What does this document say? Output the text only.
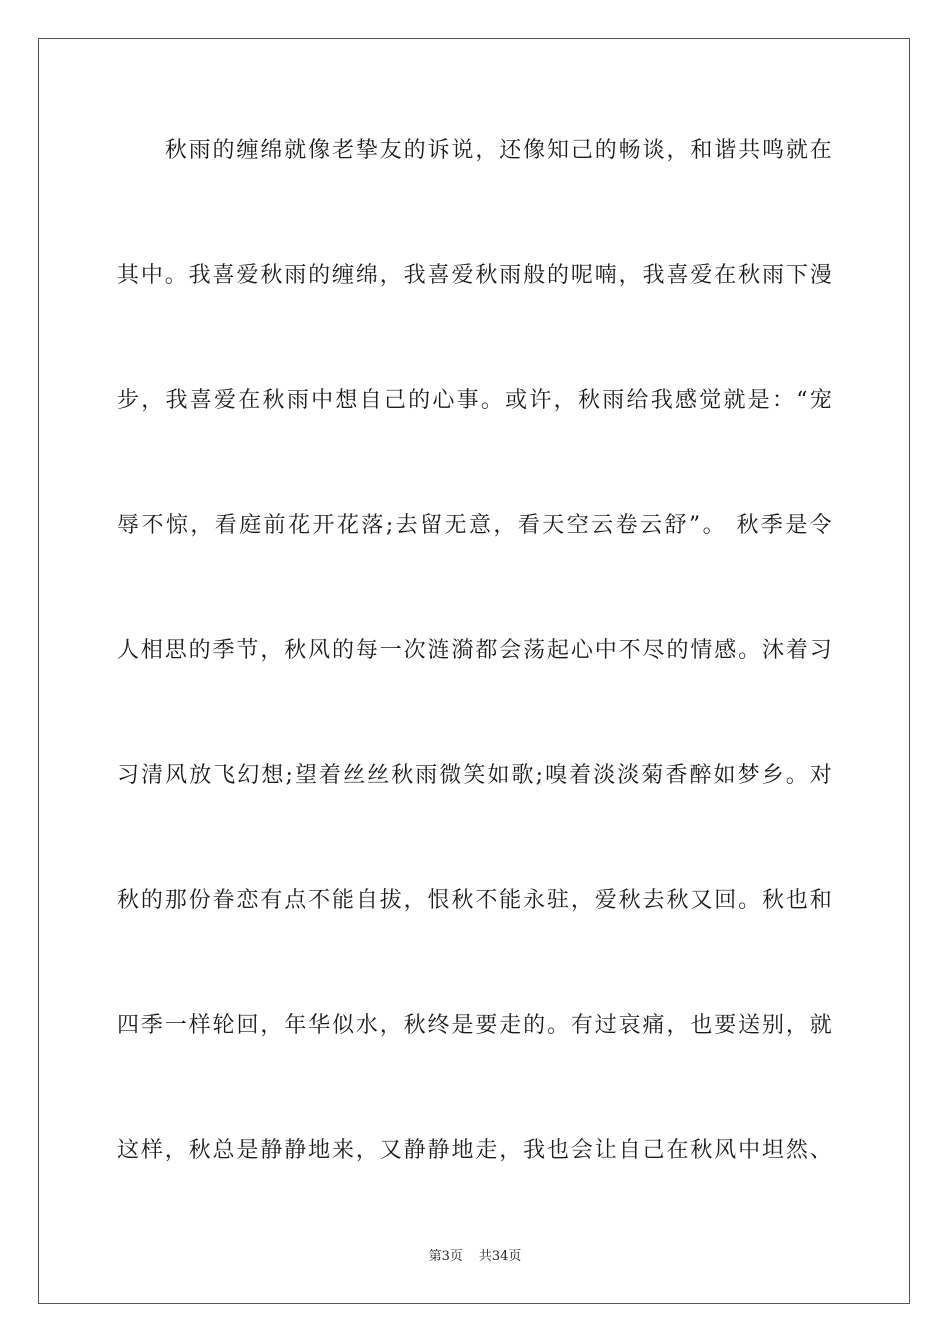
　　秋雨的缠绵就像老挚友的诉说，还像知己的畅谈，和谐共鸣就在
其中。我喜爱秋雨的缠绵，我喜爱秋雨般的呢喃，我喜爱在秋雨下漫
步，我喜爱在秋雨中想自己的心事。或许，秋雨给我感觉就是：“宠
辱不惊，看庭前花开花落;去留无意，看天空云卷云舒”。 秋季是令
人相思的季节，秋风的每一次涟漪都会荡起心中不尽的情感。沐着习
习清风放飞幻想;望着丝丝秋雨微笑如歌;嗅着淡淡菊香醉如梦乡。对
秋的那份眷恋有点不能自拔，恨秋不能永驻，爱秋去秋又回。秋也和
四季一样轮回，年华似水，秋终是要走的。有过哀痛，也要送别，就
这样，秋总是静静地来，又静静地走，我也会让自己在秋风中坦然、
第3页 共34页
